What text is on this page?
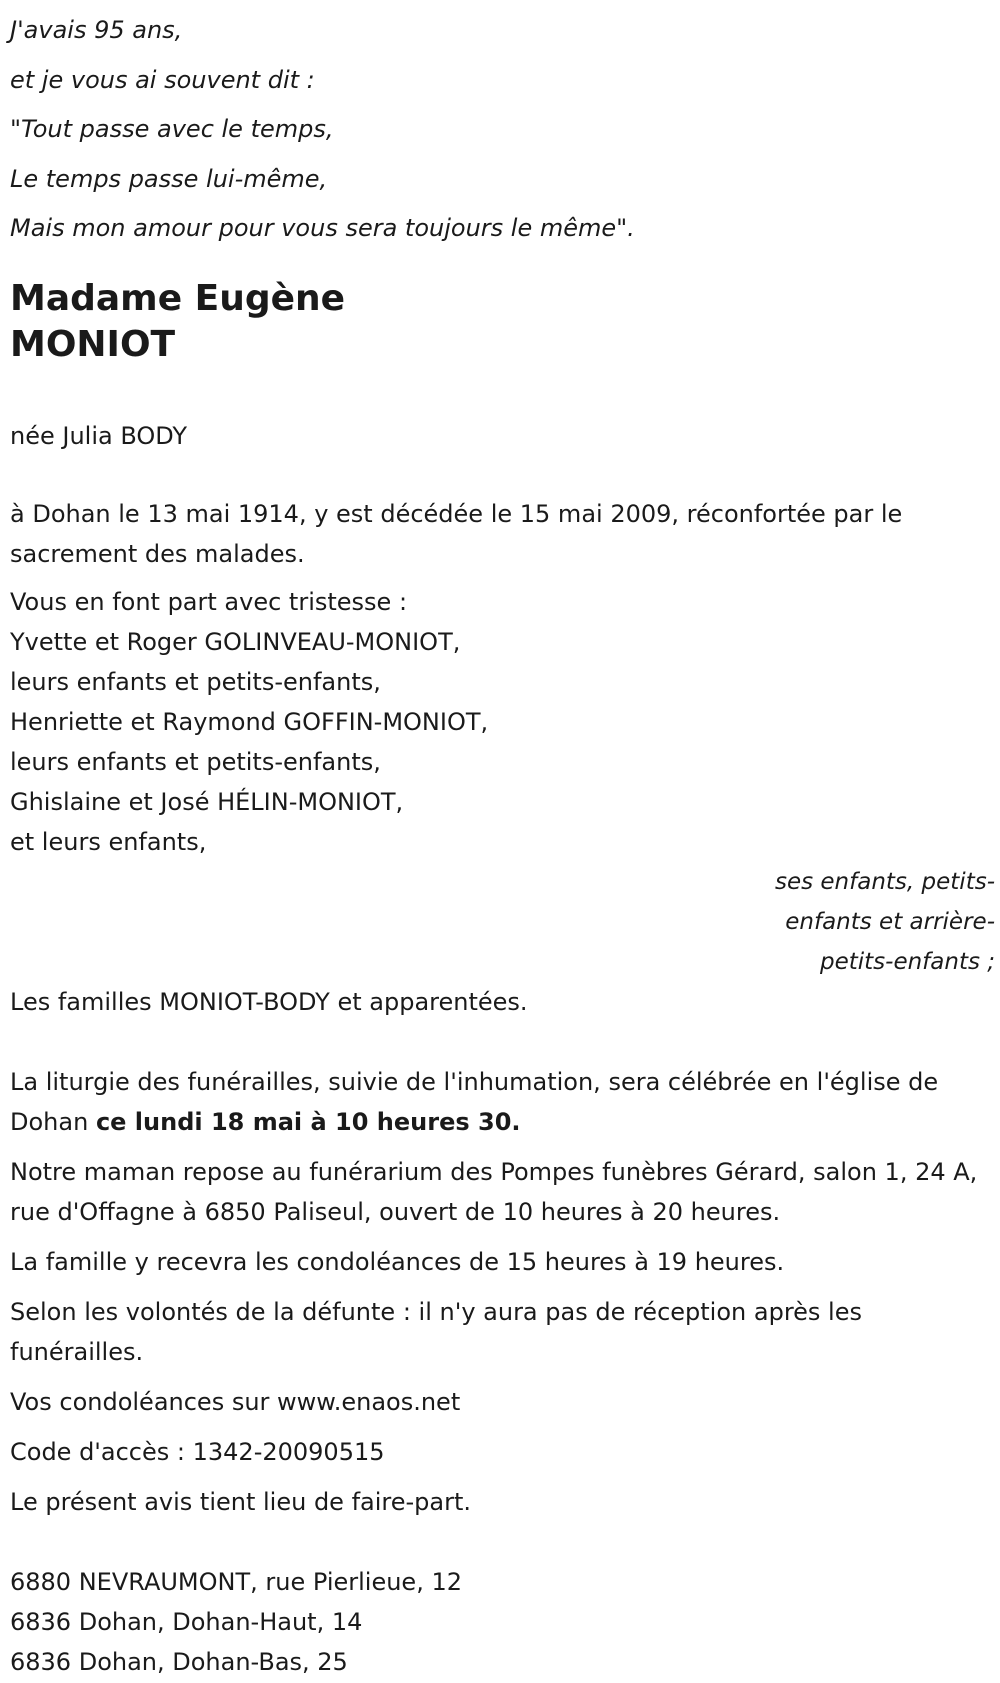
J'avais 95 ans,
et je vous ai souvent dit :
"Tout passe avec le temps,
Le temps passe lui-même,
Mais mon amour pour vous sera toujours le même".
Madame Eugène
MONIOT
née Julia BODY
à Dohan le 13 mai 1914, y est décédée le 15 mai 2009, réconfortée par le sacrement des malades.
Vous en font part avec tristesse :
Yvette et Roger GOLINVEAU-MONIOT,
leurs enfants et petits-enfants,
Henriette et Raymond GOFFIN-MONIOT,
leurs enfants et petits-enfants,
Ghislaine et José HÉLIN-MONIOT,
et leurs enfants,
ses enfants, petits-
enfants et arrière-
petits-enfants ;
Les familles MONIOT-BODY et apparentées.
La liturgie des funérailles, suivie de l'inhumation, sera célébrée en l'église de Dohan ce lundi 18 mai à 10 heures 30.
Notre maman repose au funérarium des Pompes funèbres Gérard, salon 1, 24 A, rue d'Offagne à 6850 Paliseul, ouvert de 10 heures à 20 heures.
La famille y recevra les condoléances de 15 heures à 19 heures.
Selon les volontés de la défunte : il n'y aura pas de réception après les funérailles.
Vos condoléances sur www.enaos.net
Code d'accès : 1342-20090515
Le présent avis tient lieu de faire-part.
6880 NEVRAUMONT, rue Pierlieue, 12
6836 Dohan, Dohan-Haut, 14
6836 Dohan, Dohan-Bas, 25
